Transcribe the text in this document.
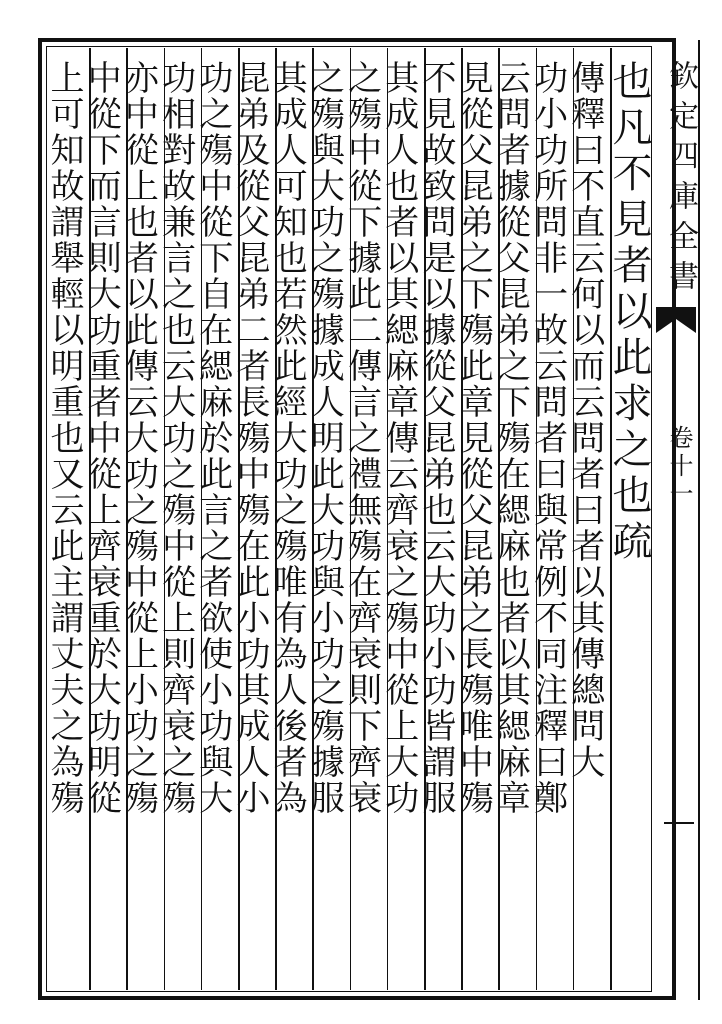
欽定四庫全書
卷十一
也凡不見者以此求之也疏
傳釋曰不直云何以而云問者曰者以其傳總問大
功小功所問非一故云問者曰與常例不同注釋曰鄭
云問者據從父昆弟之下殤在緦麻也者以其緦麻章
見從父昆弟之下殤此章見從父昆弟之長殤唯中殤
不見故致問是以據從父昆弟也云大功小功皆謂服
其成人也者以其緦麻章傳云齊衰之殤中從上大功
之殤中從下據此二傳言之禮無殤在齊衰則下齊衰
之殤與大功之殤據成人明此大功與小功之殤據服
其成人可知也若然此經大功之殤唯有為人後者為
昆弟及從父昆弟二者長殤中殤在此小功其成人小
功之殤中從下自在緦麻於此言之者欲使小功與大
功相對故兼言之也云大功之殤中從上則齊衰之殤
亦中從上也者以此傳云大功之殤中從上小功之殤
中從下而言則大功重者中從上齊衰重於大功明從
上可知故謂舉輕以明重也又云此主謂丈夫之為殤
